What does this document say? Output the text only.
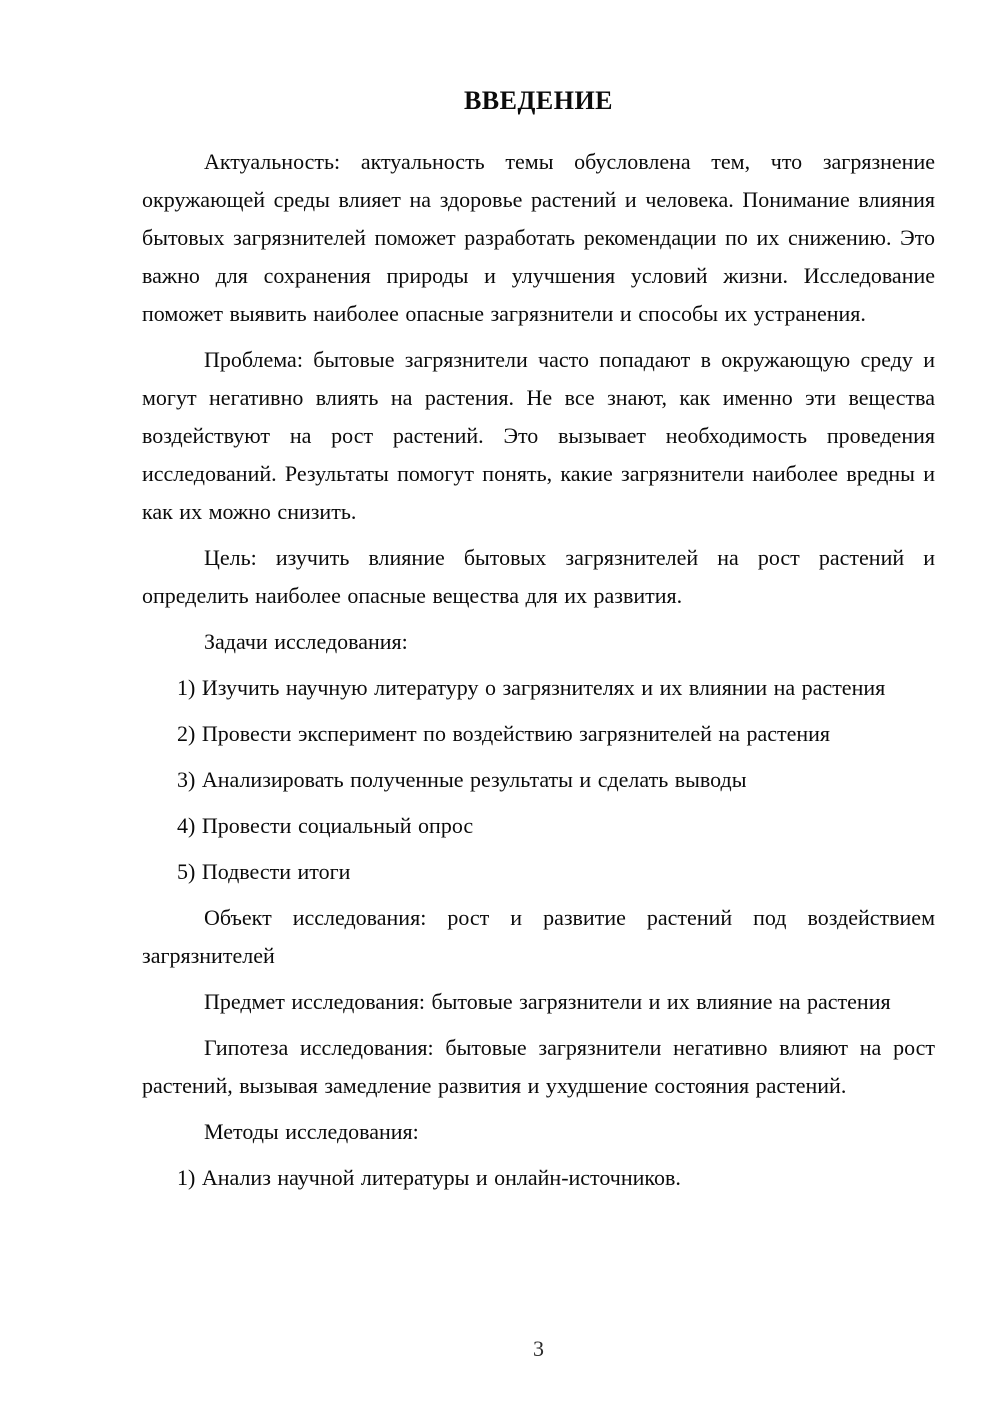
ВВЕДЕНИЕ

Актуальность: актуальность темы обусловлена тем, что загрязнение окружающей среды влияет на здоровье растений и человека. Понимание влияния бытовых загрязнителей поможет разработать рекомендации по их снижению. Это важно для сохранения природы и улучшения условий жизни. Исследование поможет выявить наиболее опасные загрязнители и способы их устранения.

Проблема: бытовые загрязнители часто попадают в окружающую среду и могут негативно влиять на растения. Не все знают, как именно эти вещества воздействуют на рост растений. Это вызывает необходимость проведения исследований. Результаты помогут понять, какие загрязнители наиболее вредны и как их можно снизить.

Цель: изучить влияние бытовых загрязнителей на рост растений и определить наиболее опасные вещества для их развития.

Задачи исследования:

1) Изучить научную литературу о загрязнителях и их влиянии на растения

2) Провести эксперимент по воздействию загрязнителей на растения

3) Анализировать полученные результаты и сделать выводы

4) Провести социальный опрос

5) Подвести итоги

Объект исследования: рост и развитие растений под воздействием загрязнителей

Предмет исследования: бытовые загрязнители и их влияние на растения

Гипотеза исследования: бытовые загрязнители негативно влияют на рост растений, вызывая замедление развития и ухудшение состояния растений.

Методы исследования:

1) Анализ научной литературы и онлайн-источников.

3
